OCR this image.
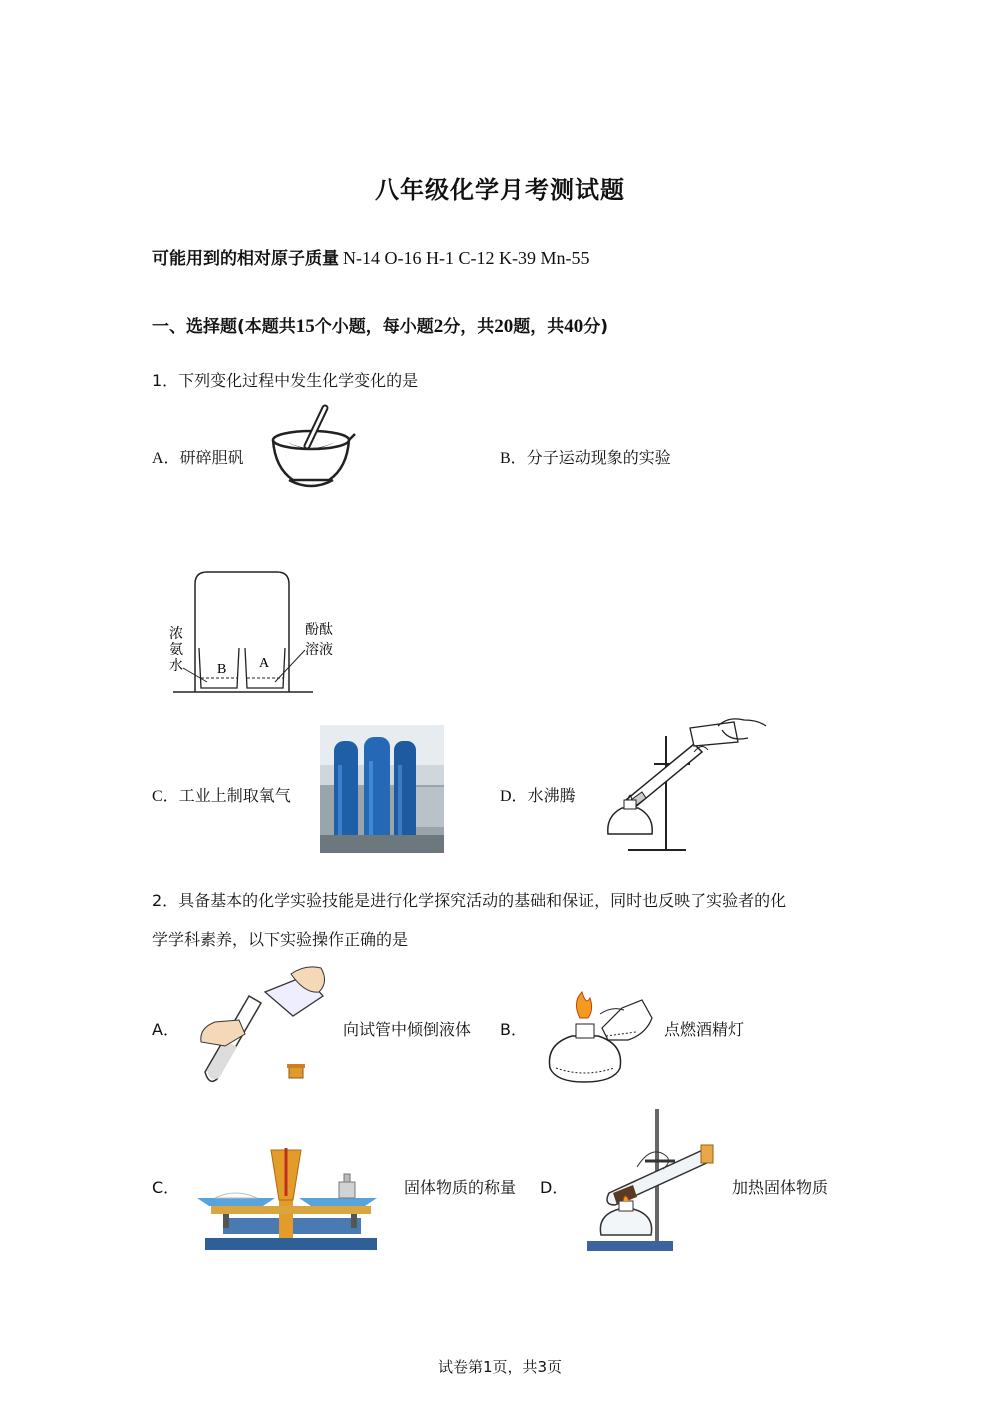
八年级化学月考测试题
可能用到的相对原子质量 N-14 O-16 H-1 C-12 K-39 Mn-55
一、选择题(本题共15个小题，每小题2分，共20题，共40分)
1．下列变化过程中发生化学变化的是
A．研碎胆矾	B．分子运动现象的实验
浓
氨
水
酚酞
溶液
B A
C．工业上制取氧气	D．水沸腾
2．具备基本的化学实验技能是进行化学探究活动的基础和保证，同时也反映了实验者的化
学学科素养，以下实验操作正确的是
A．	向试管中倾倒液体 B．	点燃酒精灯
C．	固体物质的称量 D．	加热固体物质
试卷第1页，共3页
